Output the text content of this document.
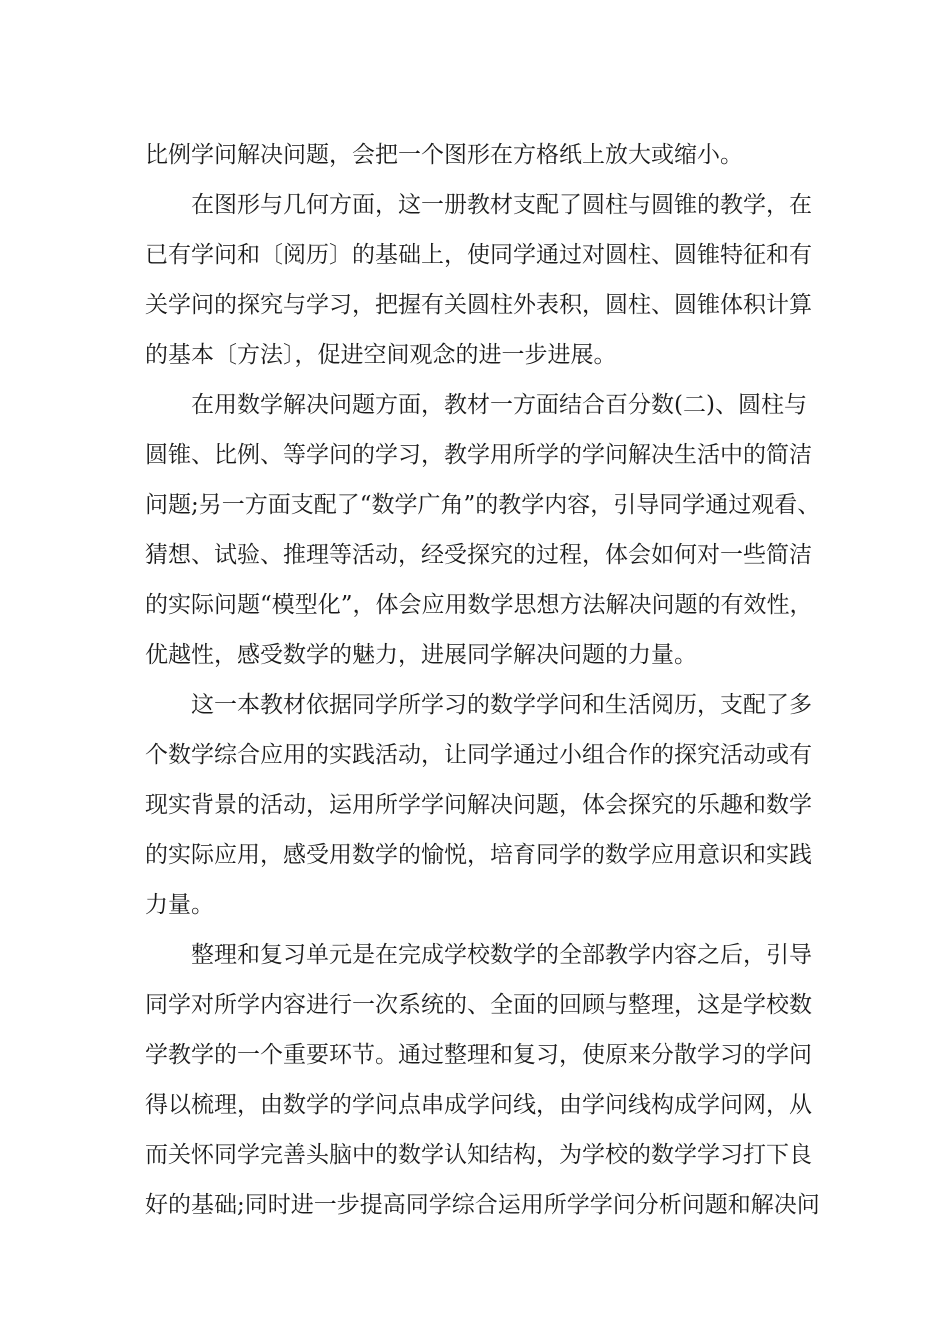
比例学问解决问题，会把一个图形在方格纸上放大或缩小。
在图形与几何方面，这一册教材支配了圆柱与圆锥的教学，在
已有学问和〔阅历〕的基础上，使同学通过对圆柱、圆锥特征和有
关学问的探究与学习，把握有关圆柱外表积，圆柱、圆锥体积计算
的基本〔方法〕，促进空间观念的进一步进展。
在用数学解决问题方面，教材一方面结合百分数(二)、圆柱与
圆锥、比例、等学问的学习，教学用所学的学问解决生活中的简洁
问题;另一方面支配了“数学广角”的教学内容，引导同学通过观看、
猜想、试验、推理等活动，经受探究的过程，体会如何对一些简洁
的实际问题“模型化”，体会应用数学思想方法解决问题的有效性，
优越性，感受数学的魅力，进展同学解决问题的力量。
这一本教材依据同学所学习的数学学问和生活阅历，支配了多
个数学综合应用的实践活动，让同学通过小组合作的探究活动或有
现实背景的活动，运用所学学问解决问题，体会探究的乐趣和数学
的实际应用，感受用数学的愉悦，培育同学的数学应用意识和实践
力量。
整理和复习单元是在完成学校数学的全部教学内容之后，引导
同学对所学内容进行一次系统的、全面的回顾与整理，这是学校数
学教学的一个重要环节。通过整理和复习，使原来分散学习的学问
得以梳理，由数学的学问点串成学问线，由学问线构成学问网，从
而关怀同学完善头脑中的数学认知结构，为学校的数学学习打下良
好的基础;同时进一步提高同学综合运用所学学问分析问题和解决问
